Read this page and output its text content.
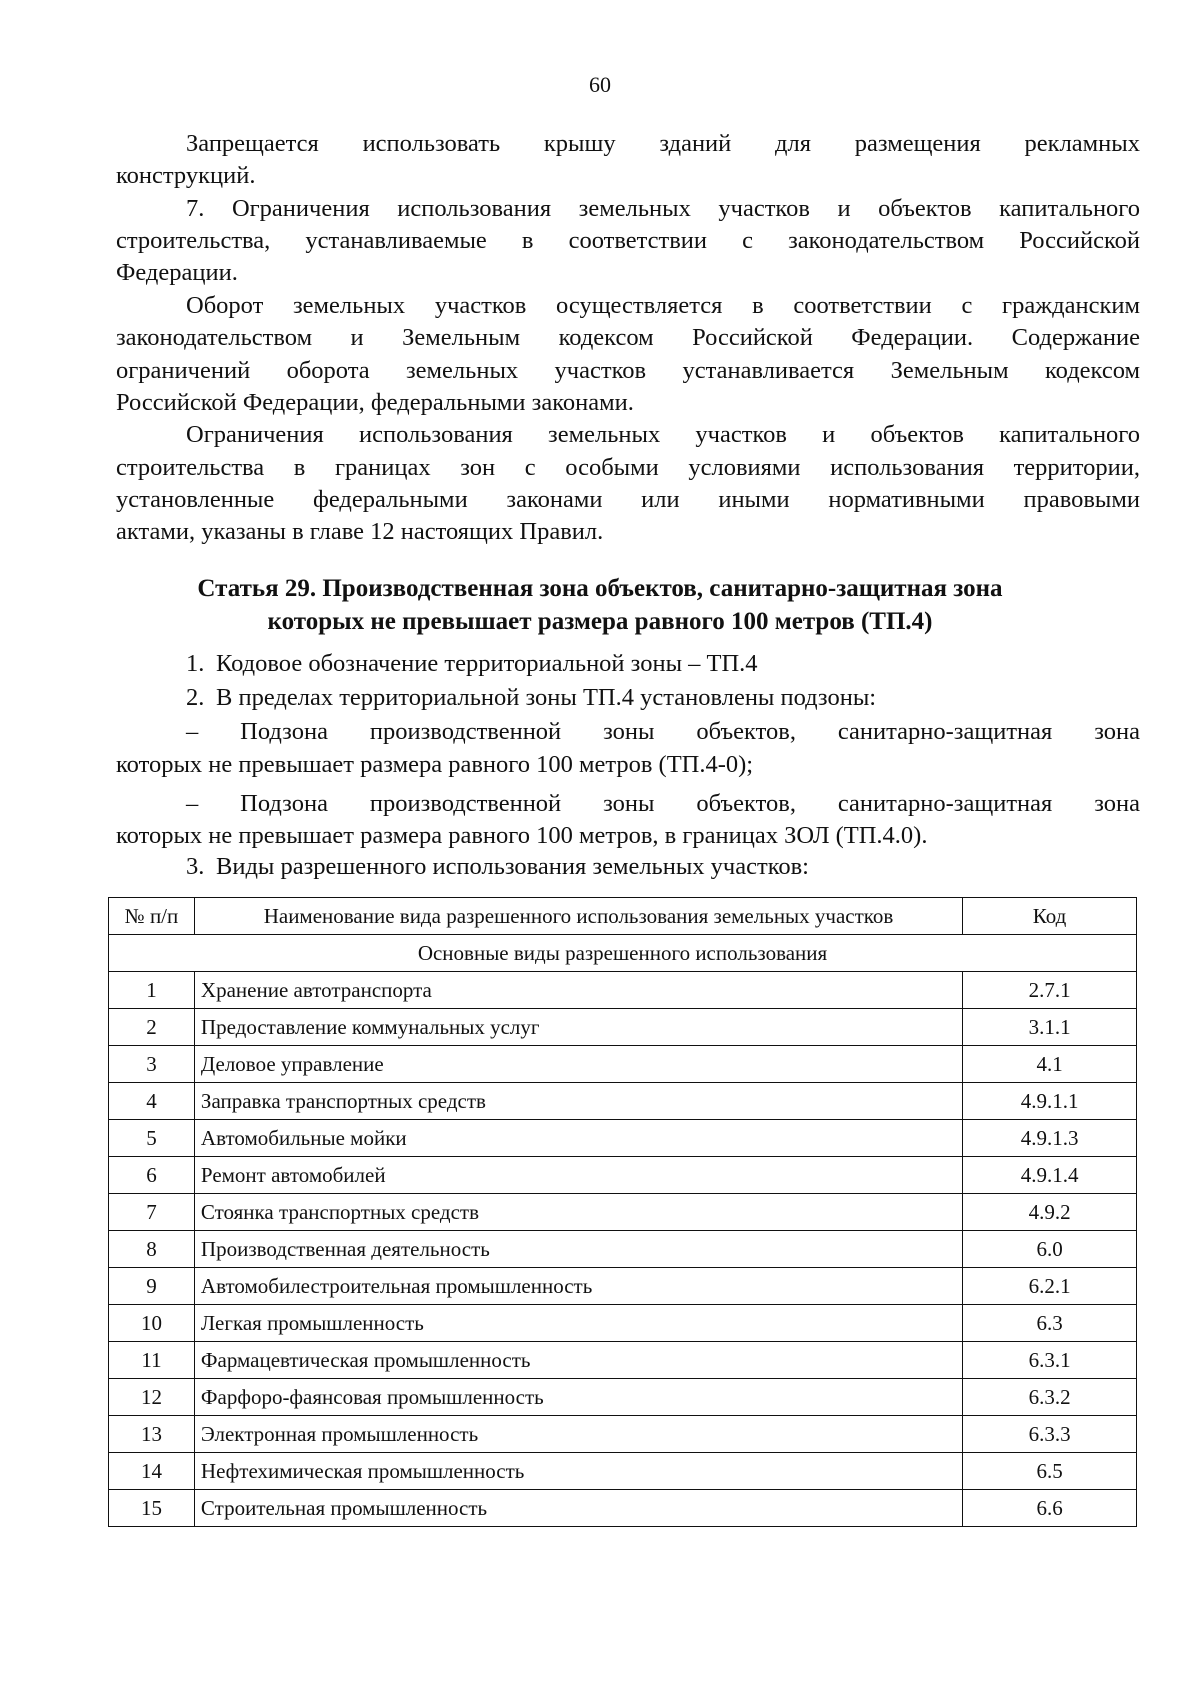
60
Запрещается использовать крышу зданий для размещения рекламных
конструкций.
7. Ограничения использования земельных участков и объектов капитального
строительства, устанавливаемые в соответствии с законодательством Российской
Федерации.
Оборот земельных участков осуществляется в соответствии с гражданским
законодательством и Земельным кодексом Российской Федерации. Содержание
ограничений оборота земельных участков устанавливается Земельным кодексом
Российской Федерации, федеральными законами.
Ограничения использования земельных участков и объектов капитального
строительства в границах зон с особыми условиями использования территории,
установленные федеральными законами или иными нормативными правовыми
актами, указаны в главе 12 настоящих Правил.
Статья 29. Производственная зона объектов, санитарно-защитная зона
которых не превышает размера равного 100 метров (ТП.4)
1. Кодовое обозначение территориальной зоны – ТП.4
2. В пределах территориальной зоны ТП.4 установлены подзоны:
– Подзона производственной зоны объектов, санитарно-защитная зона
которых не превышает размера равного 100 метров (ТП.4-0);
– Подзона производственной зоны объектов, санитарно-защитная зона
которых не превышает размера равного 100 метров, в границах ЗОЛ (ТП.4.0).
3. Виды разрешенного использования земельных участков:
№ п/п	Наименование вида разрешенного использования земельных участков	Код
Основные виды разрешенного использования		
1	Хранение автотранспорта	2.7.1
2	Предоставление коммунальных услуг	3.1.1
3	Деловое управление	4.1
4	Заправка транспортных средств	4.9.1.1
5	Автомобильные мойки	4.9.1.3
6	Ремонт автомобилей	4.9.1.4
7	Стоянка транспортных средств	4.9.2
8	Производственная деятельность	6.0
9	Автомобилестроительная промышленность	6.2.1
10	Легкая промышленность	6.3
11	Фармацевтическая промышленность	6.3.1
12	Фарфоро-фаянсовая промышленность	6.3.2
13	Электронная промышленность	6.3.3
14	Нефтехимическая промышленность	6.5
15	Строительная промышленность	6.6
